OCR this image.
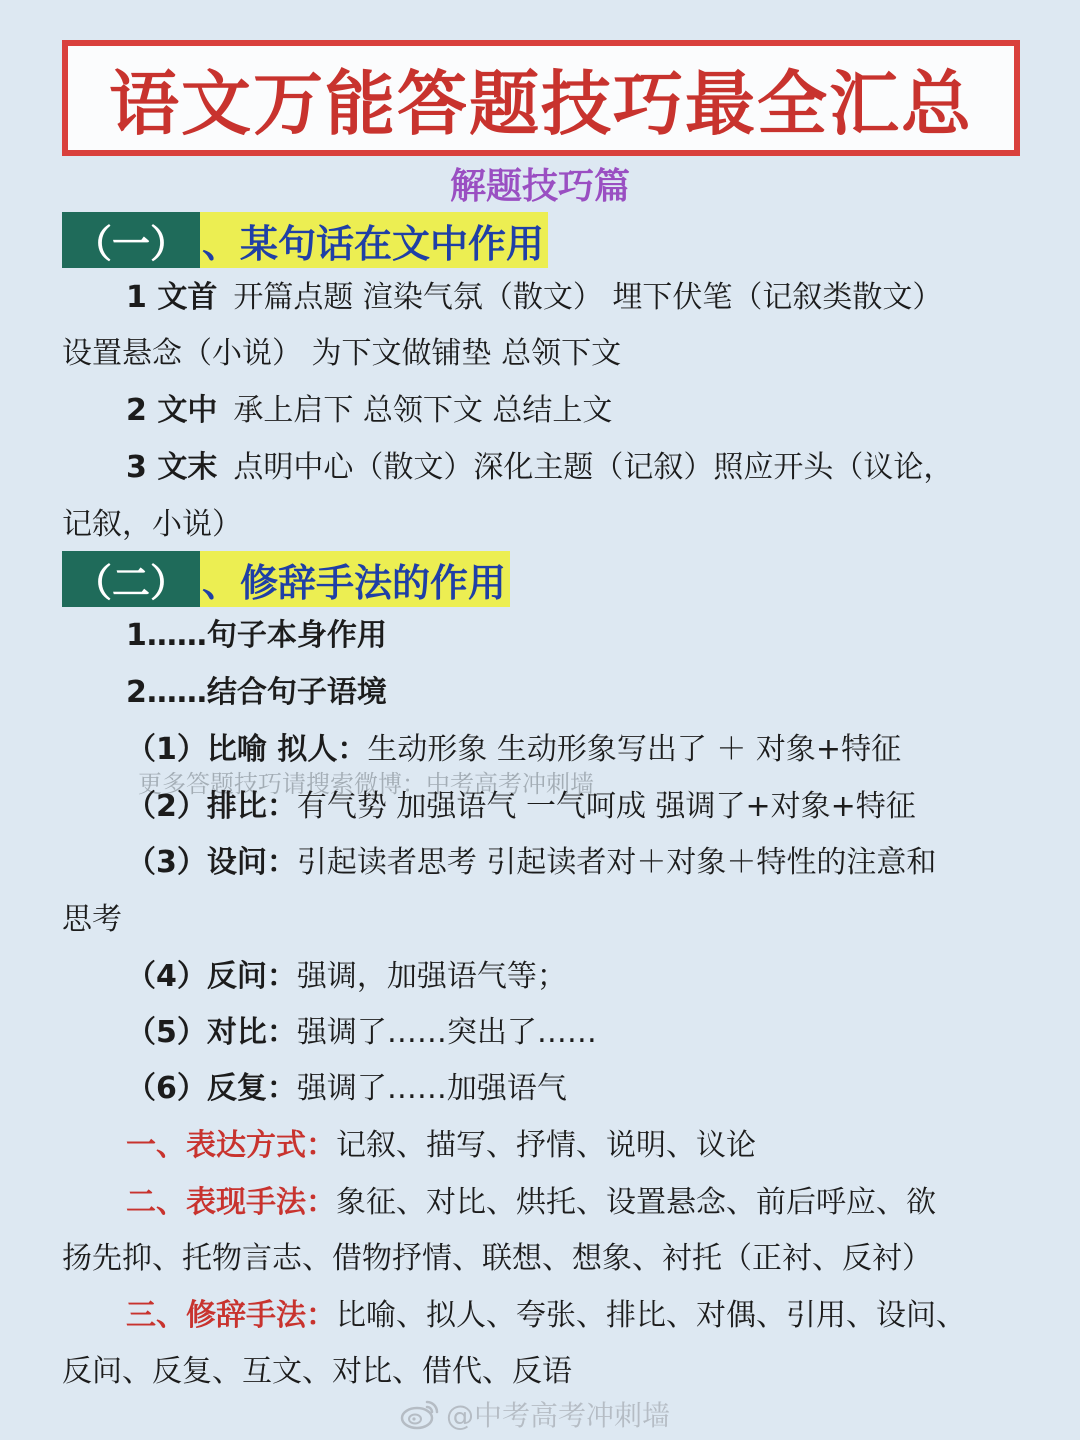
语文万能答题技巧最全汇总
解题技巧篇
（一） 、某句话在文中作用
1 文首 开篇点题 渲染气氛（散文） 埋下伏笔（记叙类散文）
设置悬念（小说） 为下文做铺垫 总领下文
2 文中 承上启下 总领下文 总结上文
3 文末 点明中心（散文）深化主题（记叙）照应开头（议论，
记叙，小说）
（二） 、修辞手法的作用
1……句子本身作用
2……结合句子语境
（1）比喻 拟人：生动形象 生动形象写出了 ＋ 对象+特征
更多答题技巧请搜索微博：中考高考冲刺墙
（2）排比：有气势 加强语气 一气呵成 强调了+对象+特征
（3）设问：引起读者思考 引起读者对＋对象＋特性的注意和
思考
（4）反问：强调，加强语气等；
（5）对比：强调了……突出了……
（6）反复：强调了……加强语气
一、表达方式：记叙、描写、抒情、说明、议论
二、表现手法：象征、对比、烘托、设置悬念、前后呼应、欲
扬先抑、托物言志、借物抒情、联想、想象、衬托（正衬、反衬）
三、修辞手法：比喻、拟人、夸张、排比、对偶、引用、设问、
反问、反复、互文、对比、借代、反语
@中考高考冲刺墙
